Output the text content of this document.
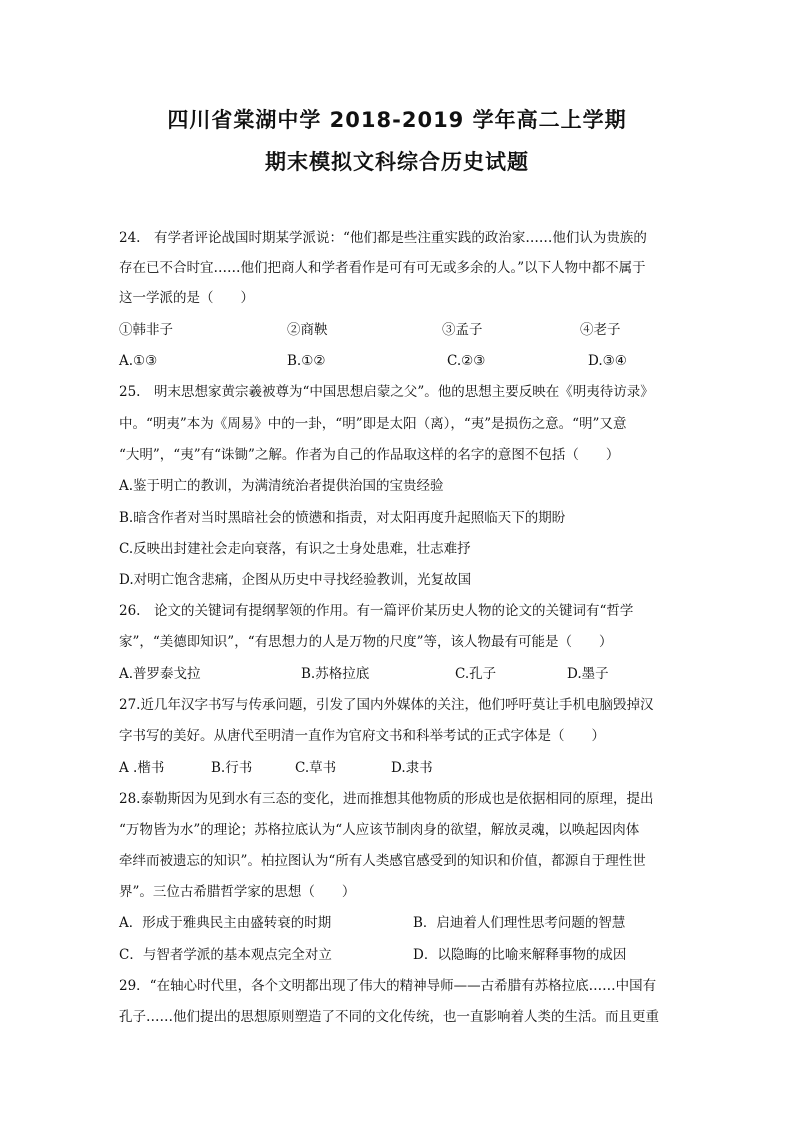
四川省棠湖中学 2018-2019 学年高二上学期
期末模拟文科综合历史试题
24.　有学者评论战国时期某学派说：“他们都是些注重实践的政治家……他们认为贵族的
存在已不合时宜……他们把商人和学者看作是可有可无或多余的人。”以下人物中都不属于
这一学派的是（　　）
①韩非子	②商鞅	③孟子	④老子
A.①③	B.①②	C.②③	D.③④
25.　明末思想家黄宗羲被尊为“中国思想启蒙之父”。他的思想主要反映在《明夷待访录》
中。“明夷”本为《周易》中的一卦，“明”即是太阳（离），“夷”是损伤之意。“明”又意
“大明”，“夷”有“诛锄”之解。作者为自己的作品取这样的名字的意图不包括（　　）
A.鉴于明亡的教训，为满清统治者提供治国的宝贵经验
B.暗含作者对当时黑暗社会的愤懑和指责，对太阳再度升起照临天下的期盼
C.反映出封建社会走向衰落，有识之士身处患难，壮志难抒
D.对明亡饱含悲痛，企图从历史中寻找经验教训，光复故国
26.　论文的关键词有提纲挈领的作用。有一篇评价某历史人物的论文的关键词有“哲学
家”，“美德即知识”，“有思想力的人是万物的尺度”等，该人物最有可能是（　　）
A.普罗泰戈拉	B.苏格拉底	C.孔子	D.墨子
27.近几年汉字书写与传承问题，引发了国内外媒体的关注，他们呼吁莫让手机电脑毁掉汉
字书写的美好。从唐代至明清一直作为官府文书和科举考试的正式字体是（　　）
A .楷书	B.行书	C.草书	D.隶书
28.泰勒斯因为见到水有三态的变化，进而推想其他物质的形成也是依据相同的原理，提出
“万物皆为水”的理论；苏格拉底认为“人应该节制肉身的欲望，解放灵魂，以唤起因肉体
牵绊而被遗忘的知识”。柏拉图认为“所有人类感官感受到的知识和价值，都源自于理性世
界”。三位古希腊哲学家的思想（　　）
A．形成于雅典民主由盛转衰的时期	B．启迪着人们理性思考问题的智慧
C．与智者学派的基本观点完全对立	D．以隐晦的比喻来解释事物的成因
29．“在轴心时代里，各个文明都出现了伟大的精神导师——古希腊有苏格拉底……中国有
孔子……他们提出的思想原则塑造了不同的文化传统，也一直影响着人类的生活。而且更重
